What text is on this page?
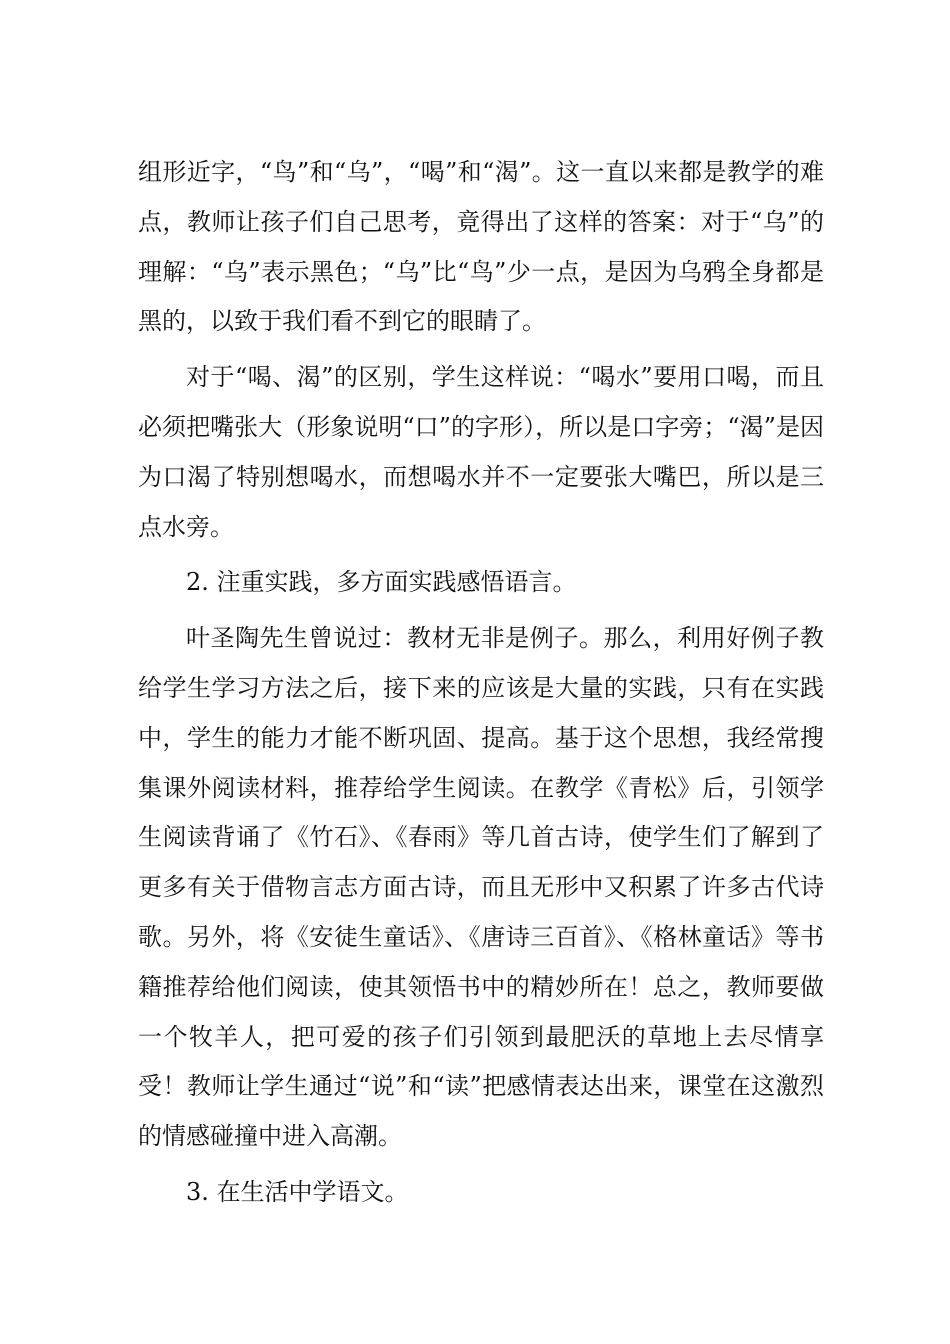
组形近字，“鸟”和“乌”，“喝”和“渴”。这一直以来都是教学的难点，教师让孩子们自己思考，竟得出了这样的答案：对于“乌”的理解：“乌”表示黑色；“乌”比“鸟”少一点，是因为乌鸦全身都是黑的，以致于我们看不到它的眼睛了。

对于“喝、渴”的区别，学生这样说：“喝水”要用口喝，而且必须把嘴张大（形象说明“口”的字形），所以是口字旁；“渴”是因为口渴了特别想喝水，而想喝水并不一定要张大嘴巴，所以是三点水旁。

2. 注重实践，多方面实践感悟语言。

叶圣陶先生曾说过：教材无非是例子。那么，利用好例子教给学生学习方法之后，接下来的应该是大量的实践，只有在实践中，学生的能力才能不断巩固、提高。基于这个思想，我经常搜集课外阅读材料，推荐给学生阅读。在教学《青松》后，引领学生阅读背诵了《竹石》、《春雨》等几首古诗，使学生们了解到了更多有关于借物言志方面古诗，而且无形中又积累了许多古代诗歌。另外，将《安徒生童话》、《唐诗三百首》、《格林童话》等书籍推荐给他们阅读，使其领悟书中的精妙所在！总之，教师要做一个牧羊人，把可爱的孩子们引领到最肥沃的草地上去尽情享受！教师让学生通过“说”和“读”把感情表达出来，课堂在这激烈的情感碰撞中进入高潮。

3. 在生活中学语文。
